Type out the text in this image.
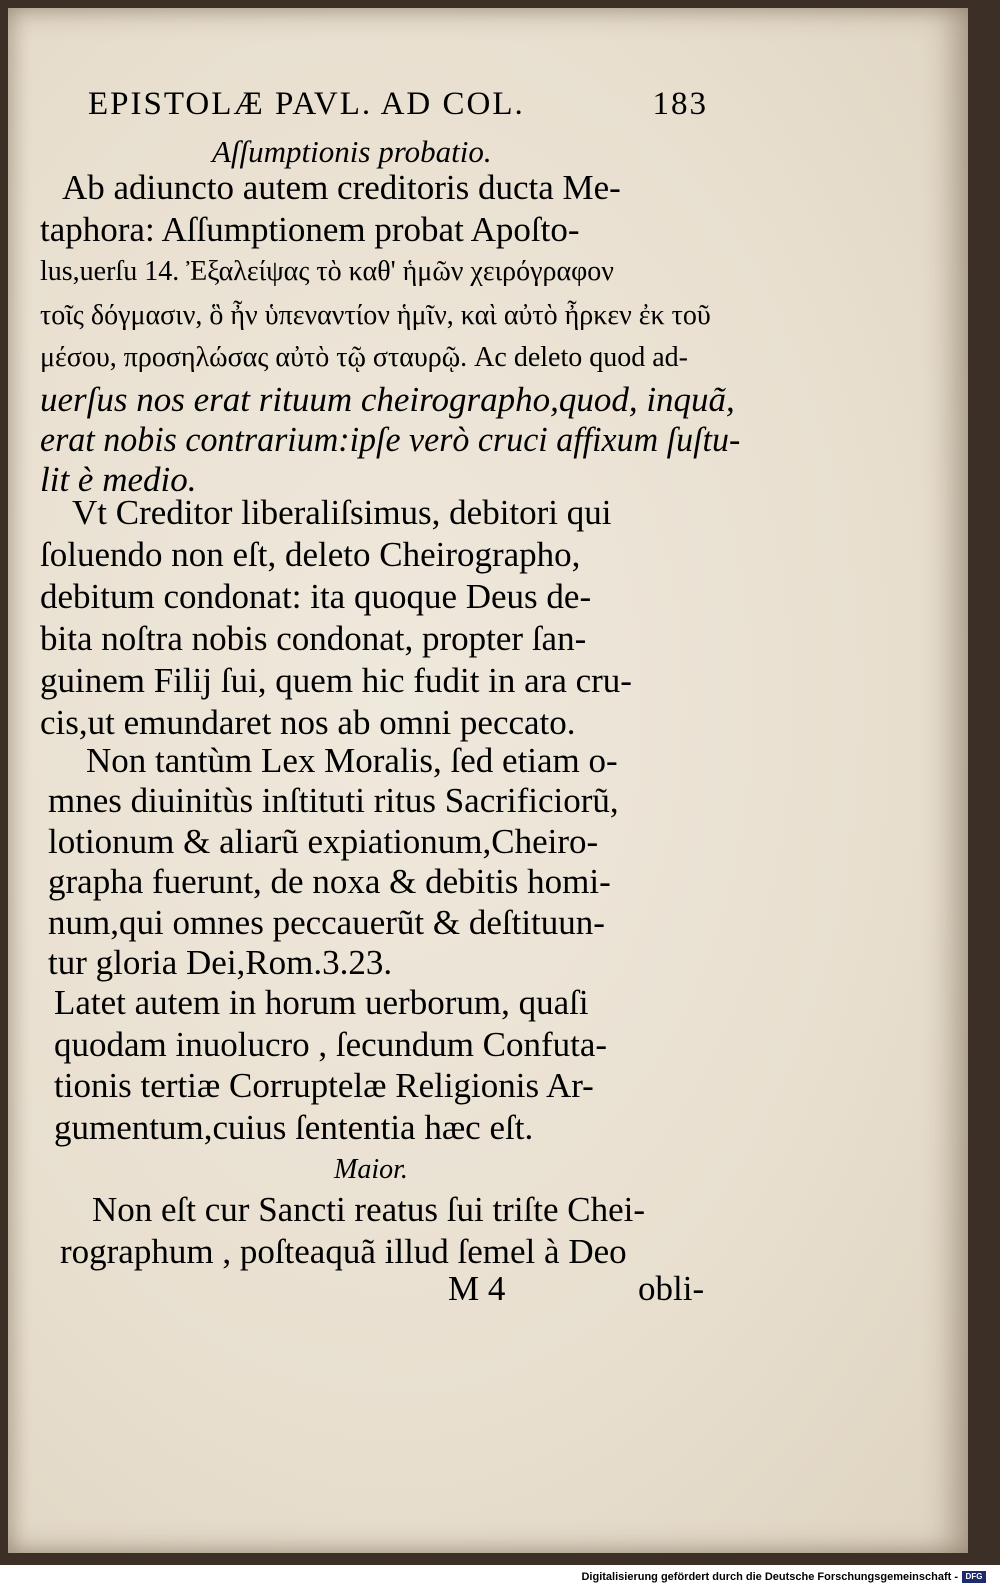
EPISTOLÆ PAVL. AD COL.	183
Aſſumptionis probatio.
Ab adiuncto autem creditoris ducta Me-
taphora: Aſſumptionem probat Apoſto-
lus,uerſu 14. Ἐξαλείψας τὸ καθ' ἡμῶν χειρόγραφον
τοῖς δόγμασιν, ὃ ἦν ὑπεναντίον ἡμῖν, καὶ αὐτὸ ἦρκεν ἐκ τοῦ
μέσου, προσηλώσας αὐτὸ τῷ σταυρῷ. Ac deleto quod ad-
uerſus nos erat rituum cheirographo,quod, inquã,
erat nobis contrarium:ipſe verò cruci affixum ſuſtu-
lit è medio.
Vt Creditor liberaliſsimus, debitori qui
ſoluendo non eſt, deleto Cheirographo,
debitum condonat: ita quoque Deus de-
bita noſtra nobis condonat, propter ſan-
guinem Filij ſui, quem hic fudit in ara cru-
cis,ut emundaret nos ab omni peccato.
Non tantùm Lex Moralis, ſed etiam o-
mnes diuinitùs inſtituti ritus Sacrificiorũ,
lotionum & aliarũ expiationum,Cheiro-
grapha fuerunt, de noxa & debitis homi-
num,qui omnes peccauerũt & deſtituun-
tur gloria Dei,Rom.3.23.
Latet autem in horum uerborum, quaſi
quodam inuolucro , ſecundum Confuta-
tionis tertiæ Corruptelæ Religionis Ar-
gumentum,cuius ſententia hæc eſt.
Maior.
Non eſt cur Sancti reatus ſui triſte Chei-
rographum , poſteaquã illud ſemel à Deo
M 4	obli-
Digitalisierung gefördert durch die Deutsche Forschungsgemeinschaft - DFG
